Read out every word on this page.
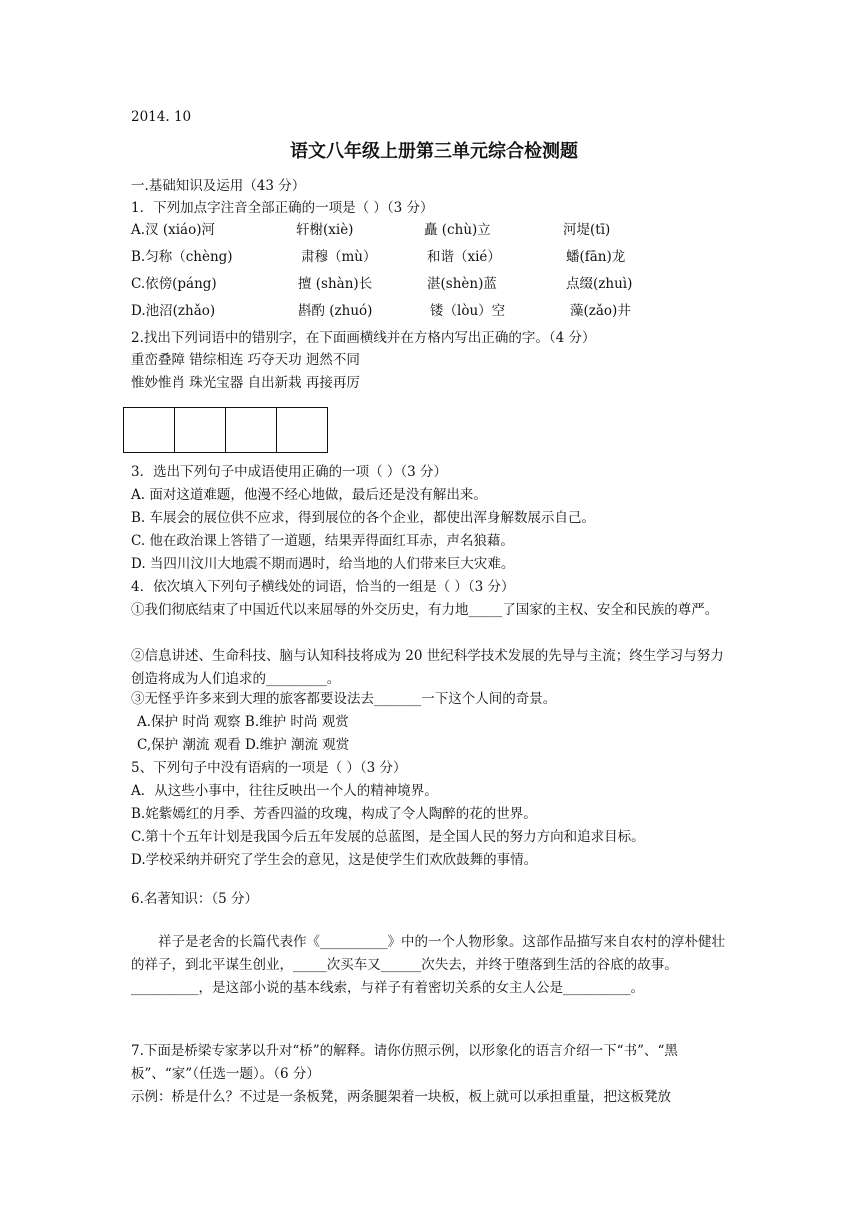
2014. 10
语文八年级上册第三单元综合检测题
一.基础知识及运用（43 分）
1．下列加点字注音全部正确的一项是（ ）（3 分）
A.汊 (xiáo)河	轩榭(xiè)	矗 (chù)立	河堤(tī)
B.匀称（chèng)	肃穆（mù）	和谐（xié）	蟠(fān)龙
C.依傍(páng)	擅 (shàn)长	湛(shèn)蓝	点缀(zhuì)
D.池沼(zhǎo)	斟酌 (zhuó)	镂（lòu）空	藻(zǎo)井
2.找出下列词语中的错别字，在下面画横线并在方格内写出正确的字。（4 分）
重峦叠障 错综相连 巧夺天功 迥然不同
惟妙惟肖 珠光宝器 自出新栽 再接再厉

3．选出下列句子中成语使用正确的一项（ ）（3 分）
A. 面对这道难题，他漫不经心地做，最后还是没有解出来。
B. 车展会的展位供不应求，得到展位的各个企业，都使出浑身解数展示自己。
C. 他在政治课上答错了一道题，结果弄得面红耳赤，声名狼藉。
D. 当四川汶川大地震不期而遇时，给当地的人们带来巨大灾难。
4．依次填入下列句子横线处的词语，恰当的一组是（ ）（3 分）
①我们彻底结束了中国近代以来屈辱的外交历史，有力地_____了国家的主权、安全和民族的尊严。
②信息讲述、生命科技、脑与认知科技将成为 20 世纪科学技术发展的先导与主流；终生学习与努力创造将成为人们追求的_________。
③无怪乎许多来到大理的旅客都要设法去_______一下这个人间的奇景。
A.保护 时尚 观察 B.维护 时尚 观赏
C,保护 潮流 观看 D.维护 潮流 观赏
5、下列句子中没有语病的一项是（ ）（3 分）
A．从这些小事中，往往反映出一个人的精神境界。
B.姹紫嫣红的月季、芳香四溢的玫瑰，构成了令人陶醉的花的世界。
C.第十个五年计划是我国今后五年发展的总蓝图，是全国人民的努力方向和追求目标。
D.学校采纳并研究了学生会的意见，这是使学生们欢欣鼓舞的事情。
6.名著知识：（5 分）
祥子是老舍的长篇代表作《__________》中的一个人物形象。这部作品描写来自农村的淳朴健壮的祥子，到北平谋生创业，_____次买车又______次失去，并终于堕落到生活的谷底的故事。__________，是这部小说的基本线索，与祥子有着密切关系的女主人公是__________。
7.下面是桥梁专家茅以升对“桥”的解释。请你仿照示例，以形象化的语言介绍一下“书”、“黑板”、“家”（任选一题）。（6 分）
示例：桥是什么？不过是一条板凳，两条腿架着一块板，板上就可以承担重量，把这板凳放
